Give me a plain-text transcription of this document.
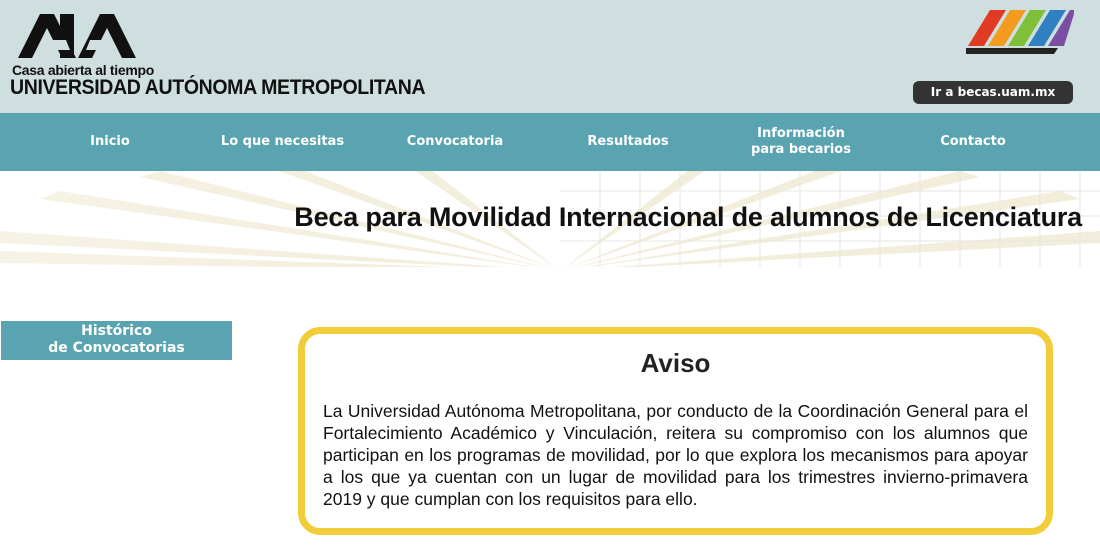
Casa abierta al tiempo
UNIVERSIDAD AUTÓNOMA METROPOLITANA	Ir a becas.uam.mx
Inicio	Lo que necesitas	Convocatoria	Resultados
Información
para becarios
Contacto
Beca para Movilidad Internacional de alumnos de Licenciatura
Histórico
de Convocatorias	Aviso
La Universidad Autónoma Metropolitana, por conducto de la Coordinación General para el Fortalecimiento Académico y Vinculación, reitera su compromiso con los alumnos que participan en los programas de movilidad, por lo que explora los mecanismos para apoyar a los que ya cuentan con un lugar de movilidad para los trimestres invierno-primavera 2019 y que cumplan con los requisitos para ello.
